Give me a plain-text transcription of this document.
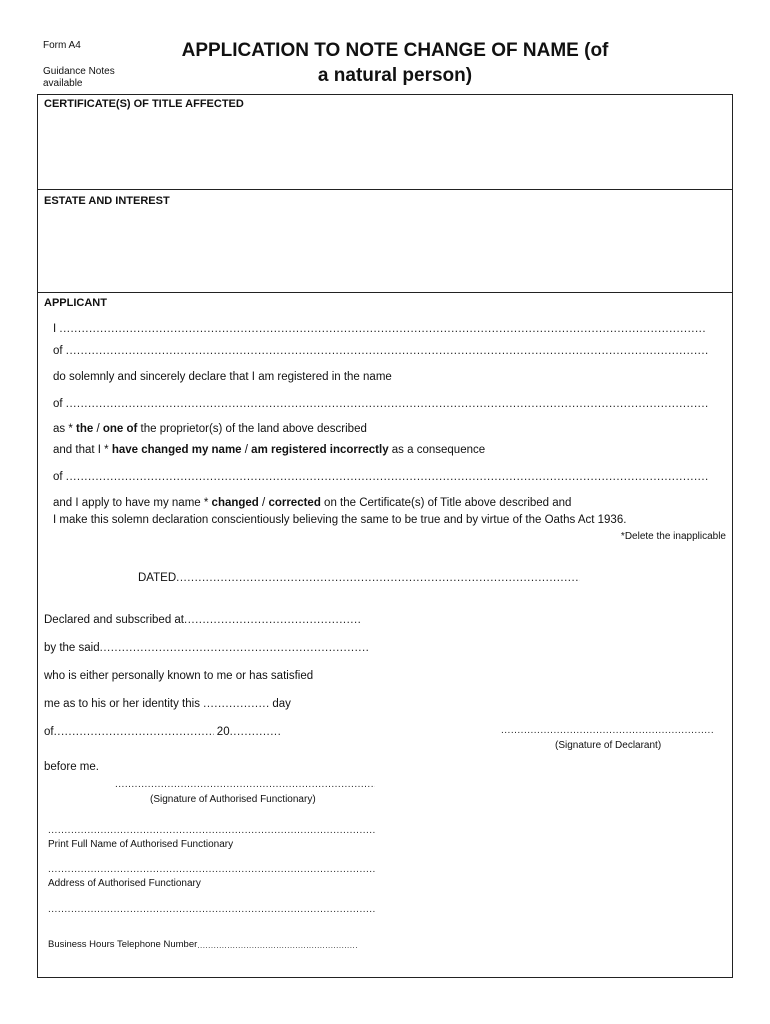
Form A4
Guidance Notes
available
APPLICATION TO NOTE CHANGE OF NAME (of
a natural person)
CERTIFICATE(S) OF TITLE AFFECTED
ESTATE AND INTEREST
APPLICANT
I .....
of .....
do solemnly and sincerely declare that I am registered in the name
of .....
as * the / one of the proprietor(s) of the land above described
and that I * have changed my name / am registered incorrectly as a consequence
of .....
and I apply to have my name * changed / corrected on the Certificate(s) of Title above described and
I make this solemn declaration conscientiously believing the same to be true and by virtue of the Oaths Act 1936.
*Delete the inapplicable
DATED.....
Declared and subscribed at.....
by the said.....
who is either personally known to me or has satisfied
me as to his or her identity this .....	day
of .....	20.....
.....
(Signature of Declarant)
before me.
.....
(Signature of Authorised Functionary)
.....
Print Full Name of Authorised Functionary
.....
Address of Authorised Functionary
.....
Business Hours Telephone Number.....
